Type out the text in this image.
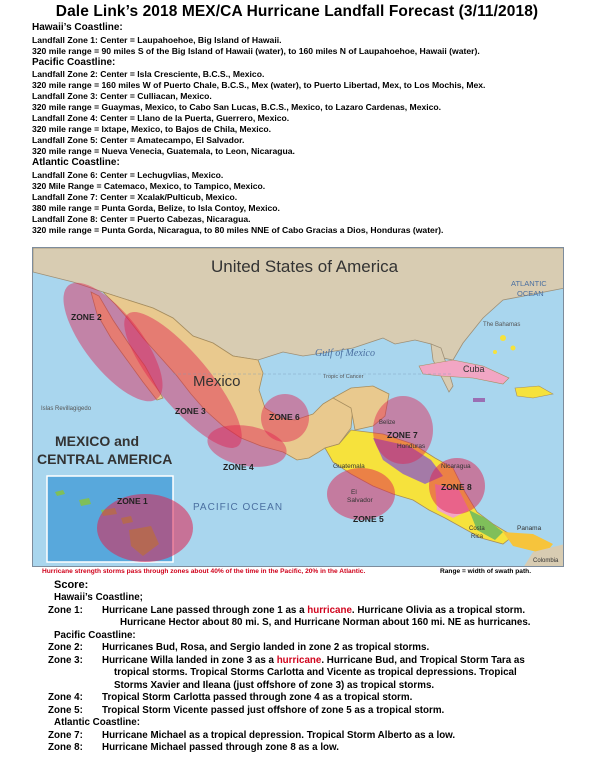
Dale Link’s 2018 MEX/CA Hurricane Landfall Forecast (3/11/2018)
Hawaii’s Coastline:
Landfall Zone 1: Center = Laupahoehoe, Big Island of Hawaii.
320 mile range = 90 miles S of the Big Island of Hawaii (water), to 160 miles N of Laupahoehoe, Hawaii (water).
Pacific Coastline:
Landfall Zone 2: Center = Isla Cresciente, B.C.S., Mexico.
320 mile range = 160 miles W of Puerto Chale, B.C.S., Mex (water), to Puerto Libertad, Mex, to Los Mochis, Mex.
Landfall Zone 3: Center = Culliacan, Mexico.
320 mile range = Guaymas, Mexico, to Cabo San Lucas, B.C.S., Mexico, to Lazaro Cardenas, Mexico.
Landfall Zone 4: Center = Llano de la Puerta, Guerrero, Mexico.
320 mile range = Ixtape, Mexico, to Bajos de Chila, Mexico.
Landfall Zone 5: Center = Amatecampo, El Salvador.
320 mile range = Nueva Venecia, Guatemala, to Leon, Nicaragua.
Atlantic Coastline:
Landfall Zone 6: Center = Lechugvlias, Mexico.
320 Mile Range = Catemaco, Mexico, to Tampico, Mexico.
Landfall Zone 7: Center = Xcalak/Pulticub, Mexico.
380 mile range = Punta Gorda, Belize, to Isla Contoy, Mexico.
Landfall Zone 8: Center = Puerto Cabezas, Nicaragua.
320 mile range = Punta Gorda, Nicaragua, to 80 miles NNE of Cabo Gracias a Dios, Honduras (water).
United States of America
Mexico
MEXICO and
CENTRAL AMERICA
ATLANTIC
OCEAN
PACIFIC OCEAN
Gulf of Mexico
Tropic of Cancer
Cuba
The Bahamas
Islas Revillagigedo
Honduras
Guatemala	Nicaragua
El
Salvador
Belize
Costa
Rica
Panama
Colombia
ZONE 1
ZONE 2
ZONE 3
ZONE 4
ZONE 5
ZONE 6
ZONE 7
ZONE 8
Hurricane strength storms pass through zones about 40% of the time in the Pacific, 20% in the Atlantic.	Range = width of swath path.
Score:
Hawaii’s Coastline;
Zone 1:	Hurricane Lane passed through zone 1 as a hurricane. Hurricane Olivia as a tropical storm.
Hurricane Hector about 80 mi. S, and Hurricane Norman about 160 mi. NE as hurricanes.
Pacific Coastline:
Zone 2:	Hurricanes Bud, Rosa, and Sergio landed in zone 2 as tropical storms.
Zone 3:	Hurricane Willa landed in zone 3 as a hurricane. Hurricane Bud, and Tropical Storm Tara as
tropical storms. Tropical Storms Carlotta and Vicente as tropical depressions. Tropical
Storms Xavier and Ileana (just offshore of zone 3) as tropical storms.
Zone 4:	Tropical Storm Carlotta passed through zone 4 as a tropical storm.
Zone 5:	Tropical Storm Vicente passed just offshore of zone 5 as a tropical storm.
Atlantic Coastline:
Zone 7:	Hurricane Michael as a tropical depression. Tropical Storm Alberto as a low.
Zone 8:	Hurricane Michael passed through zone 8 as a low.
